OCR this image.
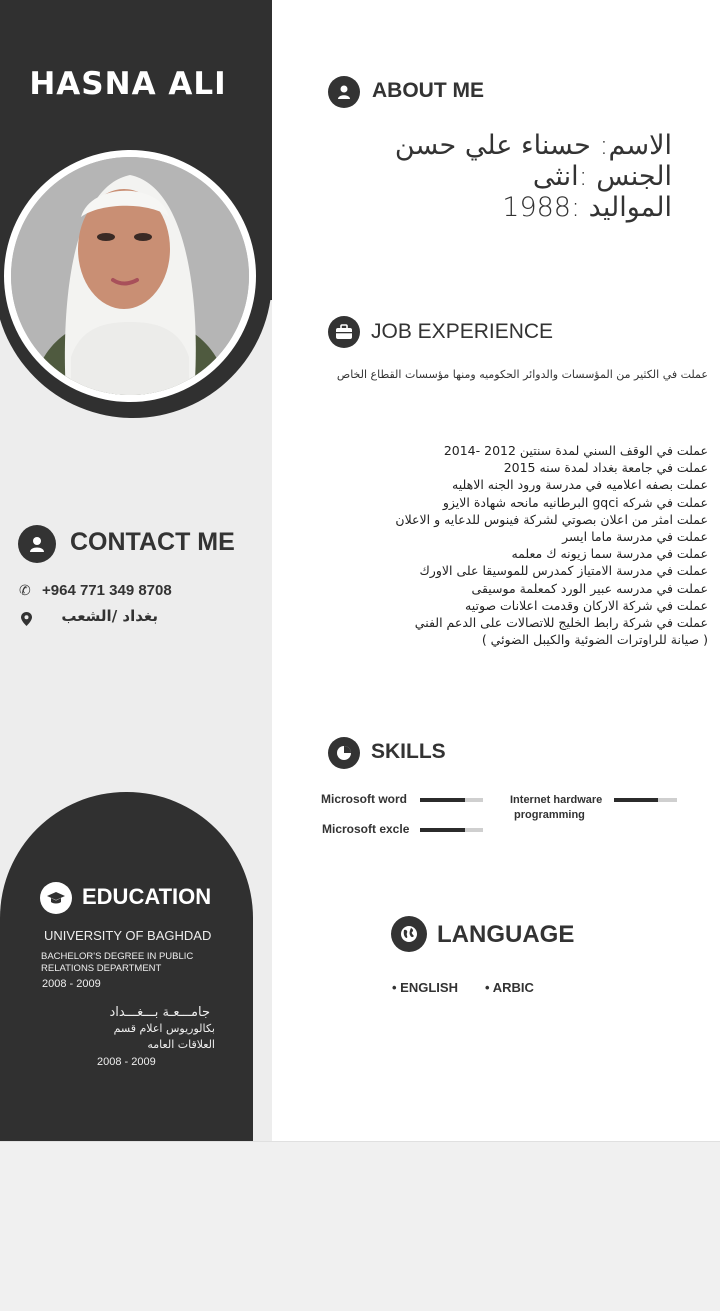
HASNA ALI	ABOUT ME
الاسم: حسناء علي حسن
الجنس :انثى
المواليد :1988
JOB EXPERIENCE
عملت في الكثير من المؤسسات والدوائر الحكوميه ومنها مؤسسات القطاع الخاص
عملت في الوقف السني لمدة سنتين 2012 -2014
عملت في جامعة بغداد لمدة سنه 2015
عملت بصفه اعلاميه في مدرسة ورود الجنه الاهليه
عملت في شركه gqci البرطانيه مانحه شهادة الايزو
عملت امثر من اعلان بصوتي لشركة فينوس للدعايه و الاعلان
عملت في مدرسة ماما ايسر
عملت في مدرسة سما زيونه ك معلمه
عملت في مدرسة الامتياز كمدرس للموسيقا على الاورك
عملت في مدرسه عبير الورد كمعلمة موسيقى
عملت في شركة الاركان وقدمت اعلانات صوتيه
عملت في شركة رابط الخليج للاتصالات على الدعم الفني
( صيانة للراوترات الضوئية والكيبل الضوئي )
CONTACT ME
✆ +964 771 349 8708
بغداد /الشعب
SKILLS
Microsoft word
Microsoft excle
Internet hardware
programming
EDUCATION
UNIVERSITY OF BAGHDAD
BACHELOR'S DEGREE IN PUBLIC
RELATIONS DEPARTMENT
2008 - 2009
جامـــعـة بـــغـــداد
بكالوريوس اعلام قسم
العلاقات العامه
2008 - 2009
LANGUAGE
• ENGLISH • ARBIC
